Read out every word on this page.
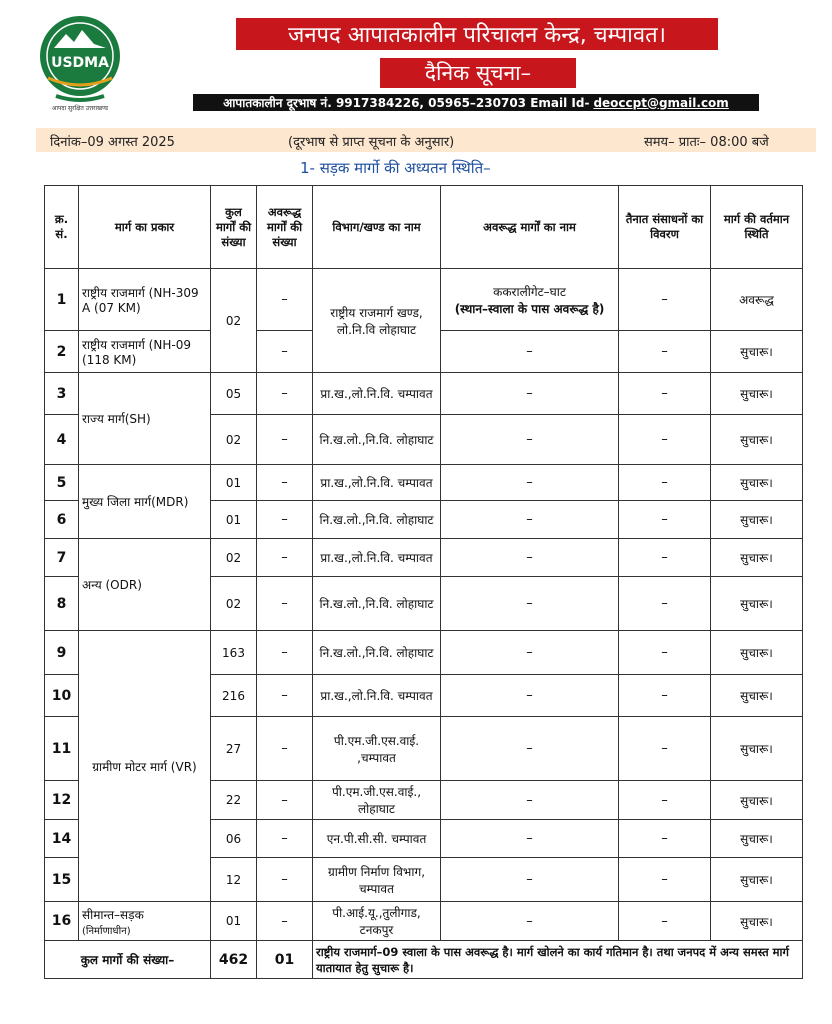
USDMA
आपदा सुरक्षित उत्तराखण्ड
जनपद आपातकालीन परिचालन केन्द्र, चम्पावत।
दैनिक सूचना–
आपातकालीन दूरभाष नं. 9917384226, 05965–230703 Email Id- deoccpt@gmail.com
दिनांक–09 अगस्त 2025	(दूरभाष से प्राप्त सूचना के अनुसार)	समय– प्रातः– 08:00 बजे
1- सड़क मार्गो की अध्यतन स्थिति–
क्र. सं.	मार्ग का प्रकार	कुल मार्गों की संख्या	अवरूद्ध मार्गों की संख्या	विभाग/खण्ड का नाम	अवरूद्ध मार्गों का नाम	तैनात संसाधनों का विवरण	मार्ग की वर्तमान स्थिति
1	राष्ट्रीय राजमार्ग (NH-309 A (07 KM)	02	–	राष्ट्रीय राजमार्ग खण्ड, लो.नि.वि लोहाघाट	ककरालीगेट–घाट
(स्थान–स्वाला के पास अवरूद्ध है)	–	अवरूद्ध
2	राष्ट्रीय राजमार्ग (NH-09 (118 KM)		–		–	–	सुचारू।
3	राज्य मार्ग(SH)	05	–	प्रा.ख.,लो.नि.वि. चम्पावत	–	–	सुचारू।
4		02	–	नि.ख.लो.,नि.वि. लोहाघाट	–	–	सुचारू।
5	मुख्य जिला मार्ग(MDR)	01	–	प्रा.ख.,लो.नि.वि. चम्पावत	–	–	सुचारू।
6		01	–	नि.ख.लो.,नि.वि. लोहाघाट	–	–	सुचारू।
7	अन्य (ODR)	02	–	प्रा.ख.,लो.नि.वि. चम्पावत	–	–	सुचारू।
8		02	–	नि.ख.लो.,नि.वि. लोहाघाट	–	–	सुचारू।
9	ग्रामीण मोटर मार्ग (VR)	163	–	नि.ख.लो.,नि.वि. लोहाघाट	–	–	सुचारू।
10		216	–	प्रा.ख.,लो.नि.वि. चम्पावत	–	–	सुचारू।
11		27	–	पी.एम.जी.एस.वाई. ,चम्पावत	–	–	सुचारू।
12		22	–	पी.एम.जी.एस.वाई., लोहाघाट	–	–	सुचारू।
14		06	–	एन.पी.सी.सी. चम्पावत	–	–	सुचारू।
15		12	–	ग्रामीण निर्माण विभाग, चम्पावत	–	–	सुचारू।
16	सीमान्त–सड़क
(निर्माणाधीन)	01	–	पी.आई.यू.,तुलीगाड, टनकपुर	–	–	सुचारू।
कुल मार्गो की संख्या–		462	01	राष्ट्रीय राजमार्ग–09 स्वाला के पास अवरूद्ध है। मार्ग खोलने का कार्य गतिमान है। तथा जनपद में अन्य समस्त मार्ग यातायात हेतु सुचारू है।			
